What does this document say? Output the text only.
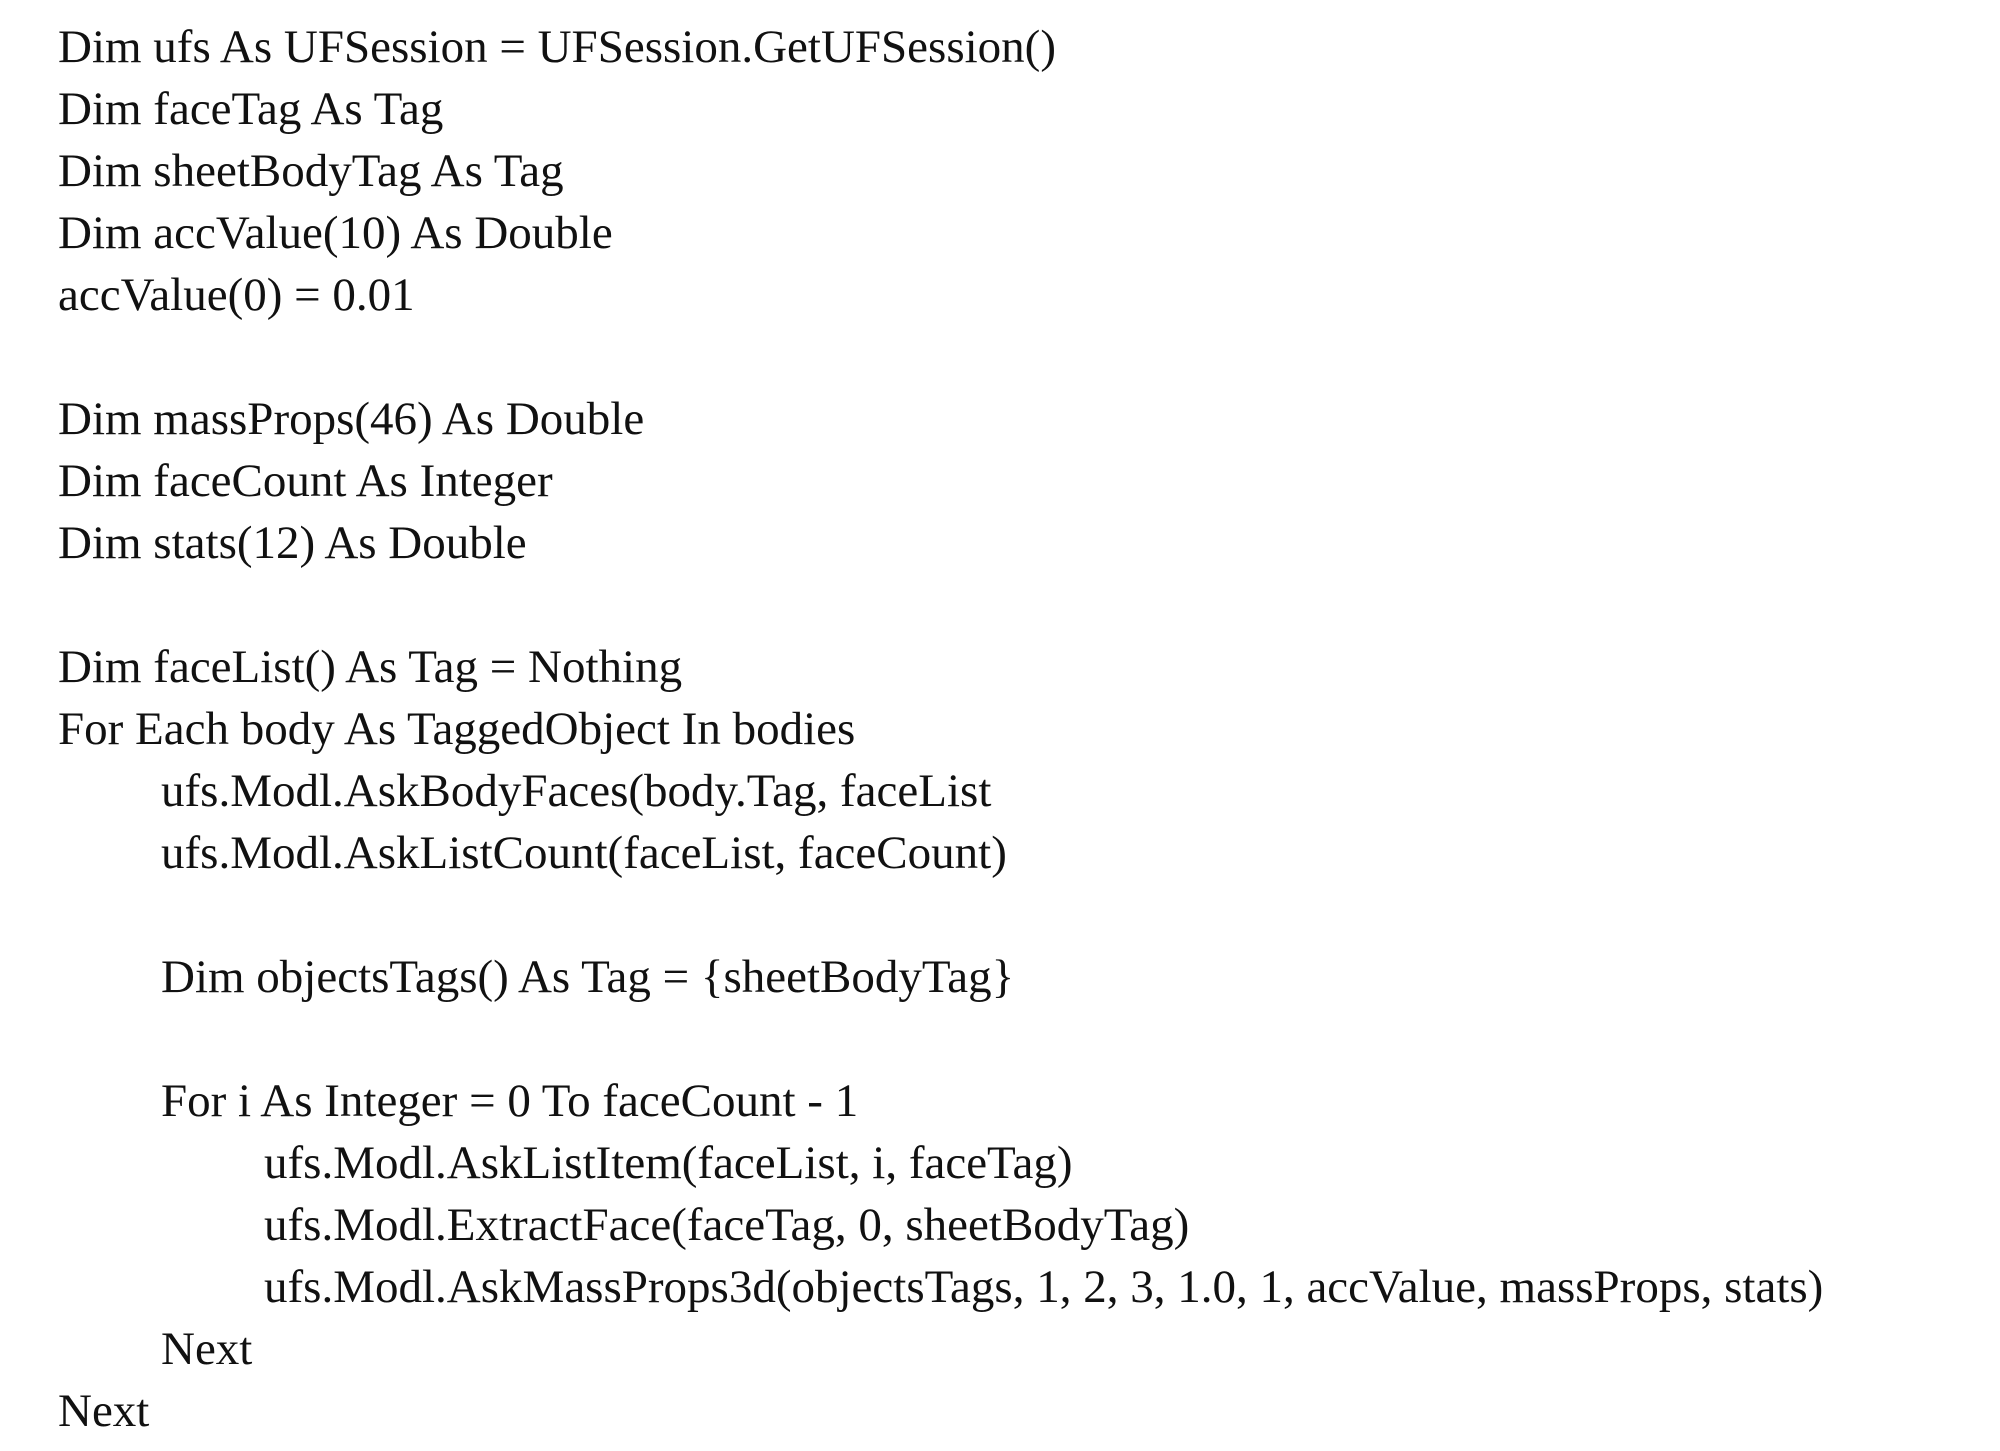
Dim ufs As UFSession = UFSession.GetUFSession()
Dim faceTag As Tag
Dim sheetBodyTag As Tag
Dim accValue(10) As Double
accValue(0) = 0.01
Dim massProps(46) As Double
Dim faceCount As Integer
Dim stats(12) As Double
Dim faceList() As Tag = Nothing
For Each body As TaggedObject In bodies
ufs.Modl.AskBodyFaces(body.Tag, faceList
ufs.Modl.AskListCount(faceList, faceCount)
Dim objectsTags() As Tag = {sheetBodyTag}
For i As Integer = 0 To faceCount - 1
ufs.Modl.AskListItem(faceList, i, faceTag)
ufs.Modl.ExtractFace(faceTag, 0, sheetBodyTag)
ufs.Modl.AskMassProps3d(objectsTags, 1, 2, 3, 1.0, 1, accValue, massProps, stats)
Next
Next
